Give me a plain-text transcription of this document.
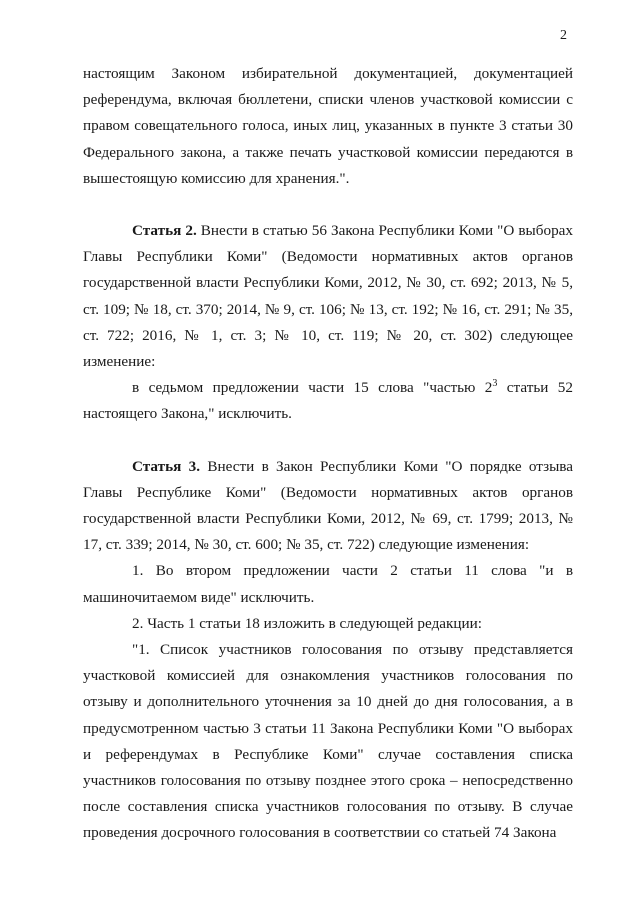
2

настоящим Законом избирательной документацией, документацией референдума, включая бюллетени, списки членов участковой комиссии с правом совещательного голоса, иных лиц, указанных в пункте 3 статьи 30 Федерального закона, а также печать участковой комиссии передаются в вышестоящую комиссию для хранения.".

Статья 2. Внести в статью 56 Закона Республики Коми "О выборах Главы Республики Коми" (Ведомости нормативных актов органов государственной власти Республики Коми, 2012, № 30, ст. 692; 2013, № 5, ст. 109; № 18, ст. 370; 2014, № 9, ст. 106; № 13, ст. 192; № 16, ст. 291; № 35, ст. 722; 2016, № 1, ст. 3; № 10, ст. 119; № 20, ст. 302) следующее изменение:

в седьмом предложении части 15 слова "частью $2^3$ статьи 52 настоящего Закона," исключить.

Статья 3. Внести в Закон Республики Коми "О порядке отзыва Главы Республике Коми" (Ведомости нормативных актов органов государственной власти Республики Коми, 2012, № 69, ст. 1799; 2013, № 17, ст. 339; 2014, № 30, ст. 600; № 35, ст. 722) следующие изменения:

1. Во втором предложении части 2 статьи 11 слова "и в машиночитаемом виде" исключить.

2. Часть 1 статьи 18 изложить в следующей редакции:

"1. Список участников голосования по отзыву представляется участковой комиссией для ознакомления участников голосования по отзыву и дополнительного уточнения за 10 дней до дня голосования, а в предусмотренном частью 3 статьи 11 Закона Республики Коми "О выборах и референдумах в Республике Коми" случае составления списка участников голосования по отзыву позднее этого срока – непосредственно после составления списка участников голосования по отзыву. В случае проведения досрочного голосования в соответствии со статьей 74 Закона
